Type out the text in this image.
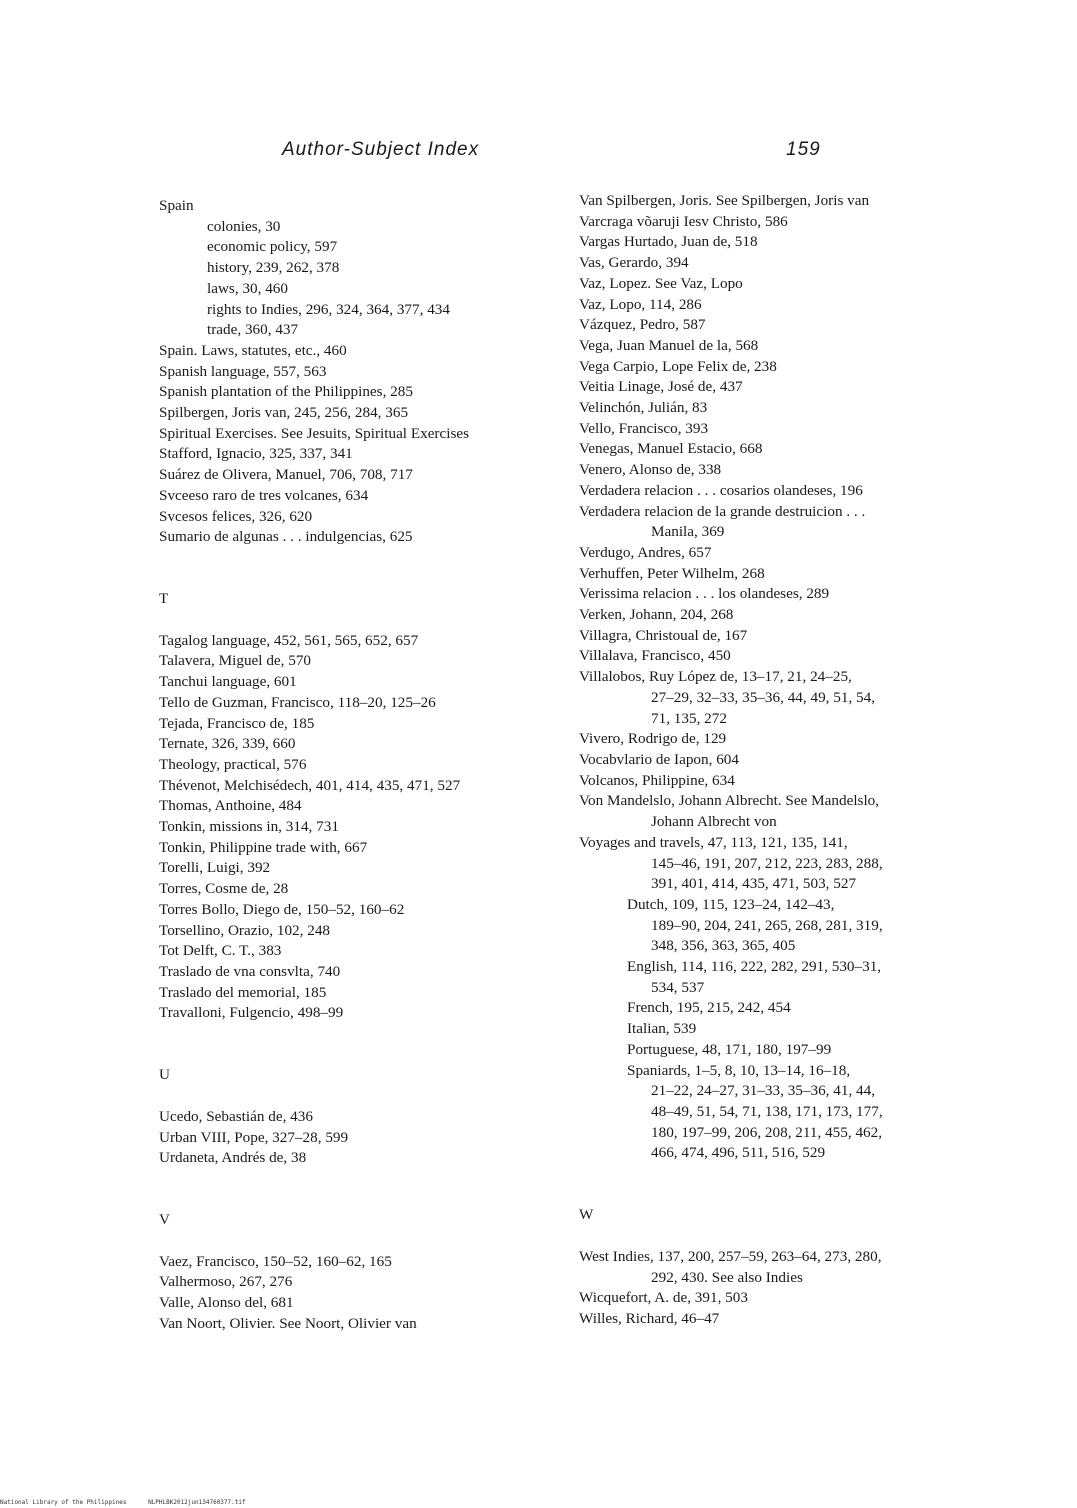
Author-Subject Index	159
Spain
colonies, 30
economic policy, 597
history, 239, 262, 378
laws, 30, 460
rights to Indies, 296, 324, 364, 377, 434
trade, 360, 437
Spain. Laws, statutes, etc., 460
Spanish language, 557, 563
Spanish plantation of the Philippines, 285
Spilbergen, Joris van, 245, 256, 284, 365
Spiritual Exercises. See Jesuits, Spiritual Exercises
Stafford, Ignacio, 325, 337, 341
Suárez de Olivera, Manuel, 706, 708, 717
Svceeso raro de tres volcanes, 634
Svcesos felices, 326, 620
Sumario de algunas . . . indulgencias, 625
T
Tagalog language, 452, 561, 565, 652, 657
Talavera, Miguel de, 570
Tanchui language, 601
Tello de Guzman, Francisco, 118–20, 125–26
Tejada, Francisco de, 185
Ternate, 326, 339, 660
Theology, practical, 576
Thévenot, Melchisédech, 401, 414, 435, 471, 527
Thomas, Anthoine, 484
Tonkin, missions in, 314, 731
Tonkin, Philippine trade with, 667
Torelli, Luigi, 392
Torres, Cosme de, 28
Torres Bollo, Diego de, 150–52, 160–62
Torsellino, Orazio, 102, 248
Tot Delft, C. T., 383
Traslado de vna consvlta, 740
Traslado del memorial, 185
Travalloni, Fulgencio, 498–99
U
Ucedo, Sebastián de, 436
Urban VIII, Pope, 327–28, 599
Urdaneta, Andrés de, 38
V
Vaez, Francisco, 150–52, 160–62, 165
Valhermoso, 267, 276
Valle, Alonso del, 681
Van Noort, Olivier. See Noort, Olivier van
Van Spilbergen, Joris. See Spilbergen, Joris van
Varcraga võaruji Iesv Christo, 586
Vargas Hurtado, Juan de, 518
Vas, Gerardo, 394
Vaz, Lopez. See Vaz, Lopo
Vaz, Lopo, 114, 286
Vázquez, Pedro, 587
Vega, Juan Manuel de la, 568
Vega Carpio, Lope Felix de, 238
Veitia Linage, José de, 437
Velinchón, Julián, 83
Vello, Francisco, 393
Venegas, Manuel Estacio, 668
Venero, Alonso de, 338
Verdadera relacion . . . cosarios olandeses, 196
Verdadera relacion de la grande destruicion . . .
Manila, 369
Verdugo, Andres, 657
Verhuffen, Peter Wilhelm, 268
Verissima relacion . . . los olandeses, 289
Verken, Johann, 204, 268
Villagra, Christoual de, 167
Villalava, Francisco, 450
Villalobos, Ruy López de, 13–17, 21, 24–25,
27–29, 32–33, 35–36, 44, 49, 51, 54,
71, 135, 272
Vivero, Rodrigo de, 129
Vocabvlario de Iapon, 604
Volcanos, Philippine, 634
Von Mandelslo, Johann Albrecht. See Mandelslo,
Johann Albrecht von
Voyages and travels, 47, 113, 121, 135, 141,
145–46, 191, 207, 212, 223, 283, 288,
391, 401, 414, 435, 471, 503, 527
Dutch, 109, 115, 123–24, 142–43,
189–90, 204, 241, 265, 268, 281, 319,
348, 356, 363, 365, 405
English, 114, 116, 222, 282, 291, 530–31,
534, 537
French, 195, 215, 242, 454
Italian, 539
Portuguese, 48, 171, 180, 197–99
Spaniards, 1–5, 8, 10, 13–14, 16–18,
21–22, 24–27, 31–33, 35–36, 41, 44,
48–49, 51, 54, 71, 138, 171, 173, 177,
180, 197–99, 206, 208, 211, 455, 462,
466, 474, 496, 511, 516, 529
W
West Indies, 137, 200, 257–59, 263–64, 273, 280,
292, 430. See also Indies
Wicquefort, A. de, 391, 503
Willes, Richard, 46–47
National Library of the Philippines	NLPHLBK2012jun134760377.tif
